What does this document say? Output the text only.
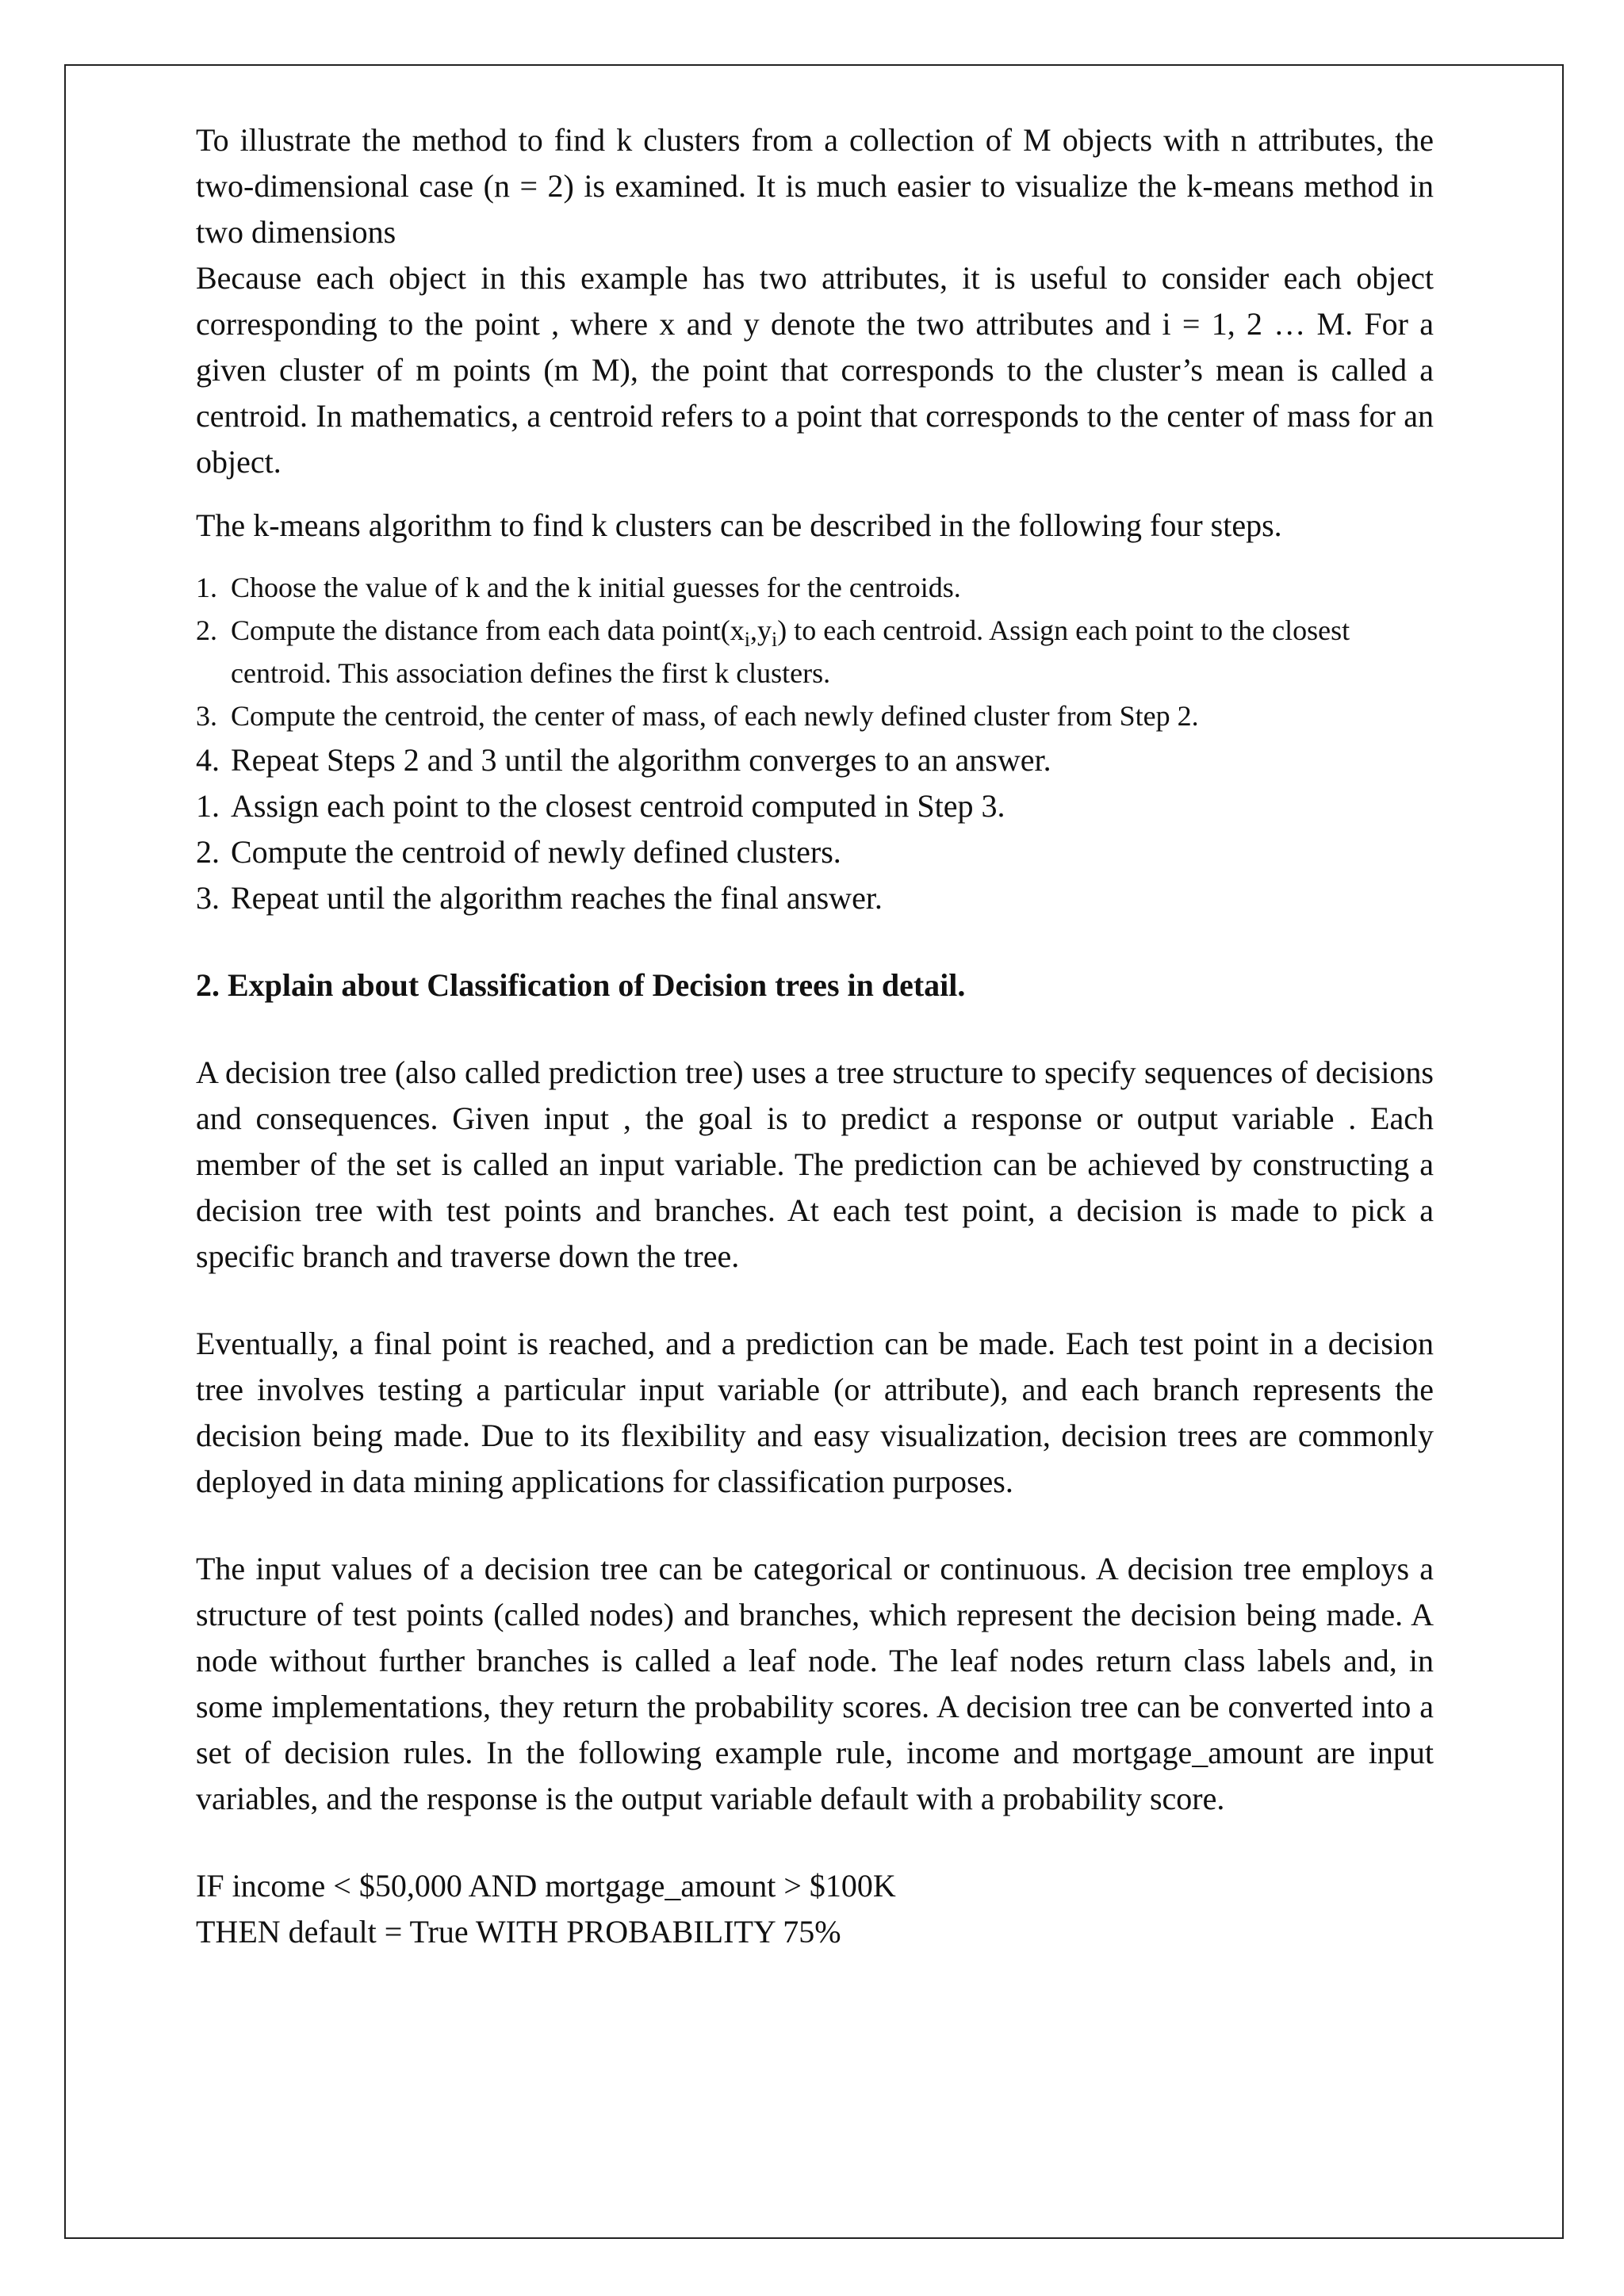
To illustrate the method to find k clusters from a collection of M objects with n attributes, the two-dimensional case (n = 2) is examined. It is much easier to visualize the k-means method in two dimensions

Because each object in this example has two attributes, it is useful to consider each object corresponding to the point , where x and y denote the two attributes and i = 1, 2 … M. For a given cluster of m points (m M), the point that corresponds to the cluster’s mean is called a centroid. In mathematics, a centroid refers to a point that corresponds to the center of mass for an object.

The k-means algorithm to find k clusters can be described in the following four steps.

1. Choose the value of k and the k initial guesses for the centroids.
2. Compute the distance from each data $point(x_i,y_i)$ to each centroid. Assign each point to the closest centroid. This association defines the first k clusters.
3. Compute the centroid, the center of mass, of each newly defined cluster from Step 2.
4. Repeat Steps 2 and 3 until the algorithm converges to an answer.
1. Assign each point to the closest centroid computed in Step 3.
2. Compute the centroid of newly defined clusters.
3. Repeat until the algorithm reaches the final answer.
2. Explain about Classification of Decision trees in detail.

A decision tree (also called prediction tree) uses a tree structure to specify sequences of decisions and consequences. Given input , the goal is to predict a response or output variable . Each member of the set is called an input variable. The prediction can be achieved by constructing a decision tree with test points and branches. At each test point, a decision is made to pick a specific branch and traverse down the tree.

Eventually, a final point is reached, and a prediction can be made. Each test point in a decision tree involves testing a particular input variable (or attribute), and each branch represents the decision being made. Due to its flexibility and easy visualization, decision trees are commonly deployed in data mining applications for classification purposes.

The input values of a decision tree can be categorical or continuous. A decision tree employs a structure of test points (called nodes) and branches, which represent the decision being made. A node without further branches is called a leaf node. The leaf nodes return class labels and, in some implementations, they return the probability scores. A decision tree can be converted into a set of decision rules. In the following example rule, income and mortgage_amount are input variables, and the response is the output variable default with a probability score.

IF income < $50,000 AND mortgage_amount > $100K
THEN default = True WITH PROBABILITY 75%
